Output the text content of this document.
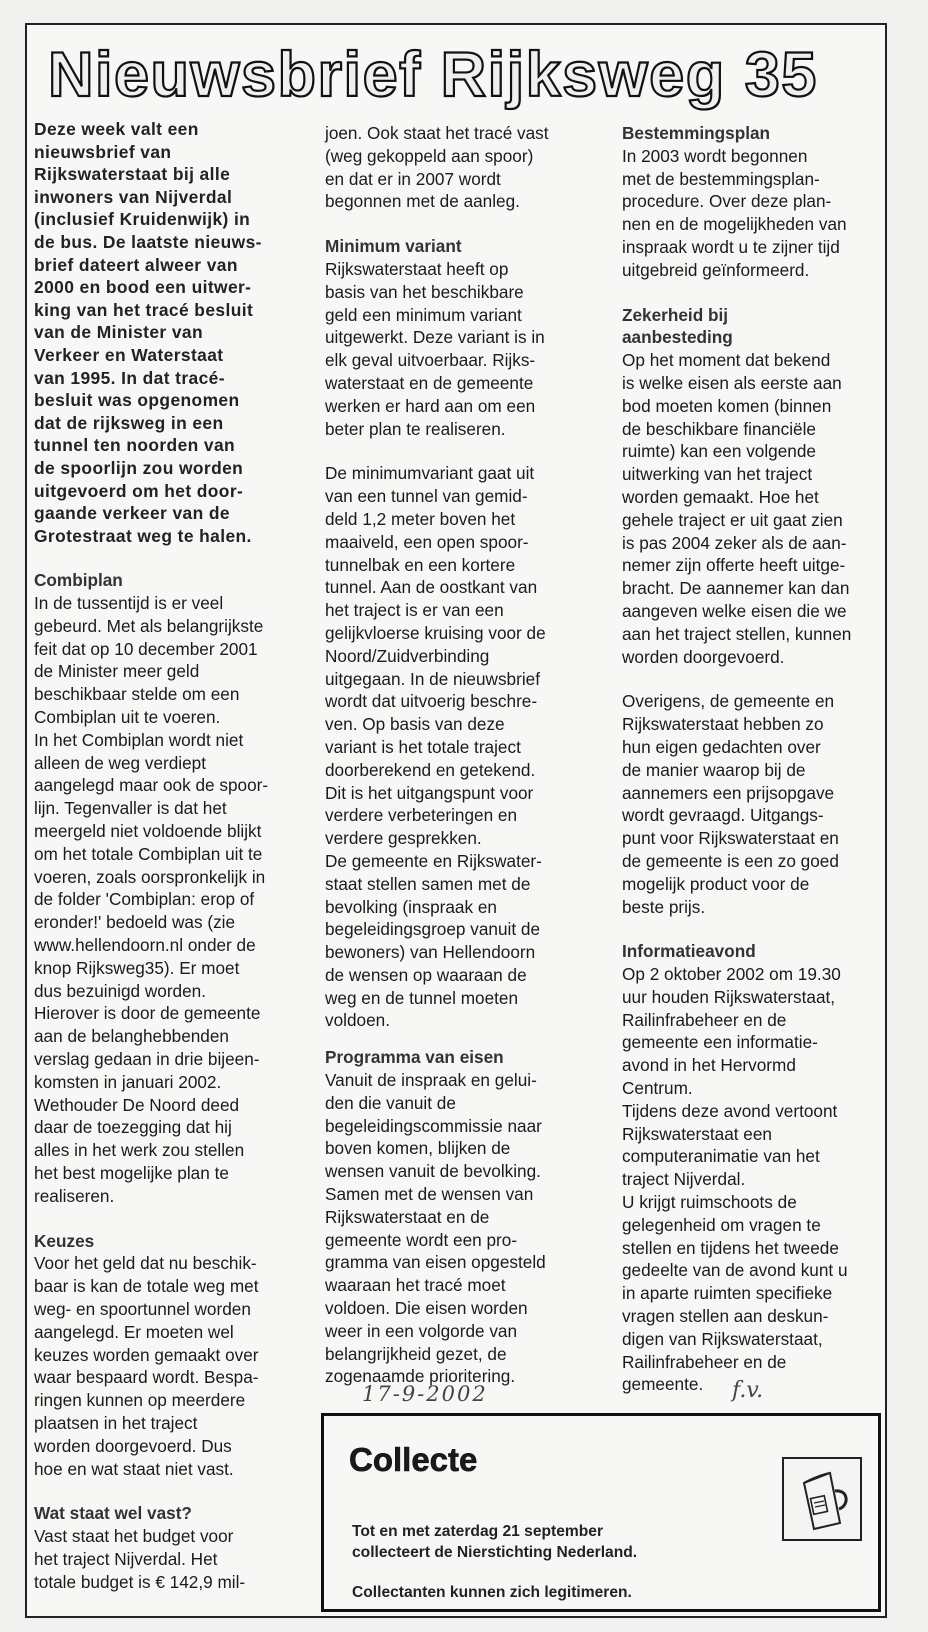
Nieuwsbrief Rijksweg 35

Deze week valt een

nieuwsbrief van

Rijkswaterstaat bij alle

inwoners van Nijverdal

(inclusief Kruidenwijk) in

de bus. De laatste nieuws-

brief dateert alweer van

2000 en bood een uitwer-

king van het tracé besluit

van de Minister van

Verkeer en Waterstaat

van 1995. In dat tracé-

besluit was opgenomen

dat de rijksweg in een

tunnel ten noorden van

de spoorlijn zou worden

uitgevoerd om het door-

gaande verkeer van de

Grotestraat weg te halen.

Combiplan

In de tussentijd is er veel

gebeurd. Met als belangrijkste

feit dat op 10 december 2001

de Minister meer geld

beschikbaar stelde om een

Combiplan uit te voeren.

In het Combiplan wordt niet

alleen de weg verdiept

aangelegd maar ook de spoor-

lijn. Tegenvaller is dat het

meergeld niet voldoende blijkt

om het totale Combiplan uit te

voeren, zoals oorspronkelijk in

de folder 'Combiplan: erop of

eronder!' bedoeld was (zie

www.hellendoorn.nl onder de

knop Rijksweg35). Er moet

dus bezuinigd worden.

Hierover is door de gemeente

aan de belanghebbenden

verslag gedaan in drie bijeen-

komsten in januari 2002.

Wethouder De Noord deed

daar de toezegging dat hij

alles in het werk zou stellen

het best mogelijke plan te

realiseren.

Keuzes

Voor het geld dat nu beschik-

baar is kan de totale weg met

weg- en spoortunnel worden

aangelegd. Er moeten wel

keuzes worden gemaakt over

waar bespaard wordt. Bespa-

ringen kunnen op meerdere

plaatsen in het traject

worden doorgevoerd. Dus

hoe en wat staat niet vast.

Wat staat wel vast?

Vast staat het budget voor

het traject Nijverdal. Het

totale budget is € 142,9 mil-

joen. Ook staat het tracé vast

(weg gekoppeld aan spoor)

en dat er in 2007 wordt

begonnen met de aanleg.

Minimum variant

Rijkswaterstaat heeft op

basis van het beschikbare

geld een minimum variant

uitgewerkt. Deze variant is in

elk geval uitvoerbaar. Rijks-

waterstaat en de gemeente

werken er hard aan om een

beter plan te realiseren.

De minimumvariant gaat uit

van een tunnel van gemid-

deld 1,2 meter boven het

maaiveld, een open spoor-

tunnelbak en een kortere

tunnel. Aan de oostkant van

het traject is er van een

gelijkvloerse kruising voor de

Noord/Zuidverbinding

uitgegaan. In de nieuwsbrief

wordt dat uitvoerig beschre-

ven. Op basis van deze

variant is het totale traject

doorberekend en getekend.

Dit is het uitgangspunt voor

verdere verbeteringen en

verdere gesprekken.

De gemeente en Rijkswater-

staat stellen samen met de

bevolking (inspraak en

begeleidingsgroep vanuit de

bewoners) van Hellendoorn

de wensen op waaraan de

weg en de tunnel moeten

voldoen.

Programma van eisen

Vanuit de inspraak en gelui-

den die vanuit de

begeleidingscommissie naar

boven komen, blijken de

wensen vanuit de bevolking.

Samen met de wensen van

Rijkswaterstaat en de

gemeente wordt een pro-

gramma van eisen opgesteld

waaraan het tracé moet

voldoen. Die eisen worden

weer in een volgorde van

belangrijkheid gezet, de

zogenaamde prioritering.

Bestemmingsplan

In 2003 wordt begonnen

met de bestemmingsplan-

procedure. Over deze plan-

nen en de mogelijkheden van

inspraak wordt u te zijner tijd

uitgebreid geïnformeerd.

Zekerheid bij

aanbesteding

Op het moment dat bekend

is welke eisen als eerste aan

bod moeten komen (binnen

de beschikbare financiële

ruimte) kan een volgende

uitwerking van het traject

worden gemaakt. Hoe het

gehele traject er uit gaat zien

is pas 2004 zeker als de aan-

nemer zijn offerte heeft uitge-

bracht. De aannemer kan dan

aangeven welke eisen die we

aan het traject stellen, kunnen

worden doorgevoerd.

Overigens, de gemeente en

Rijkswaterstaat hebben zo

hun eigen gedachten over

de manier waarop bij de

aannemers een prijsopgave

wordt gevraagd. Uitgangs-

punt voor Rijkswaterstaat en

de gemeente is een zo goed

mogelijk product voor de

beste prijs.

Informatieavond

Op 2 oktober 2002 om 19.30

uur houden Rijkswaterstaat,

Railinfrabeheer en de

gemeente een informatie-

avond in het Hervormd

Centrum.

Tijdens deze avond vertoont

Rijkswaterstaat een

computeranimatie van het

traject Nijverdal.

U krijgt ruimschoots de

gelegenheid om vragen te

stellen en tijdens het tweede

gedeelte van de avond kunt u

in aparte ruimten specifieke

vragen stellen aan deskun-

digen van Rijkswaterstaat,

Railinfrabeheer en de

gemeente.

17-9-2002	f.v.
Collecte
Tot en met zaterdag 21 september
collecteert de Nierstichting Nederland.
Collectanten kunnen zich legitimeren.
